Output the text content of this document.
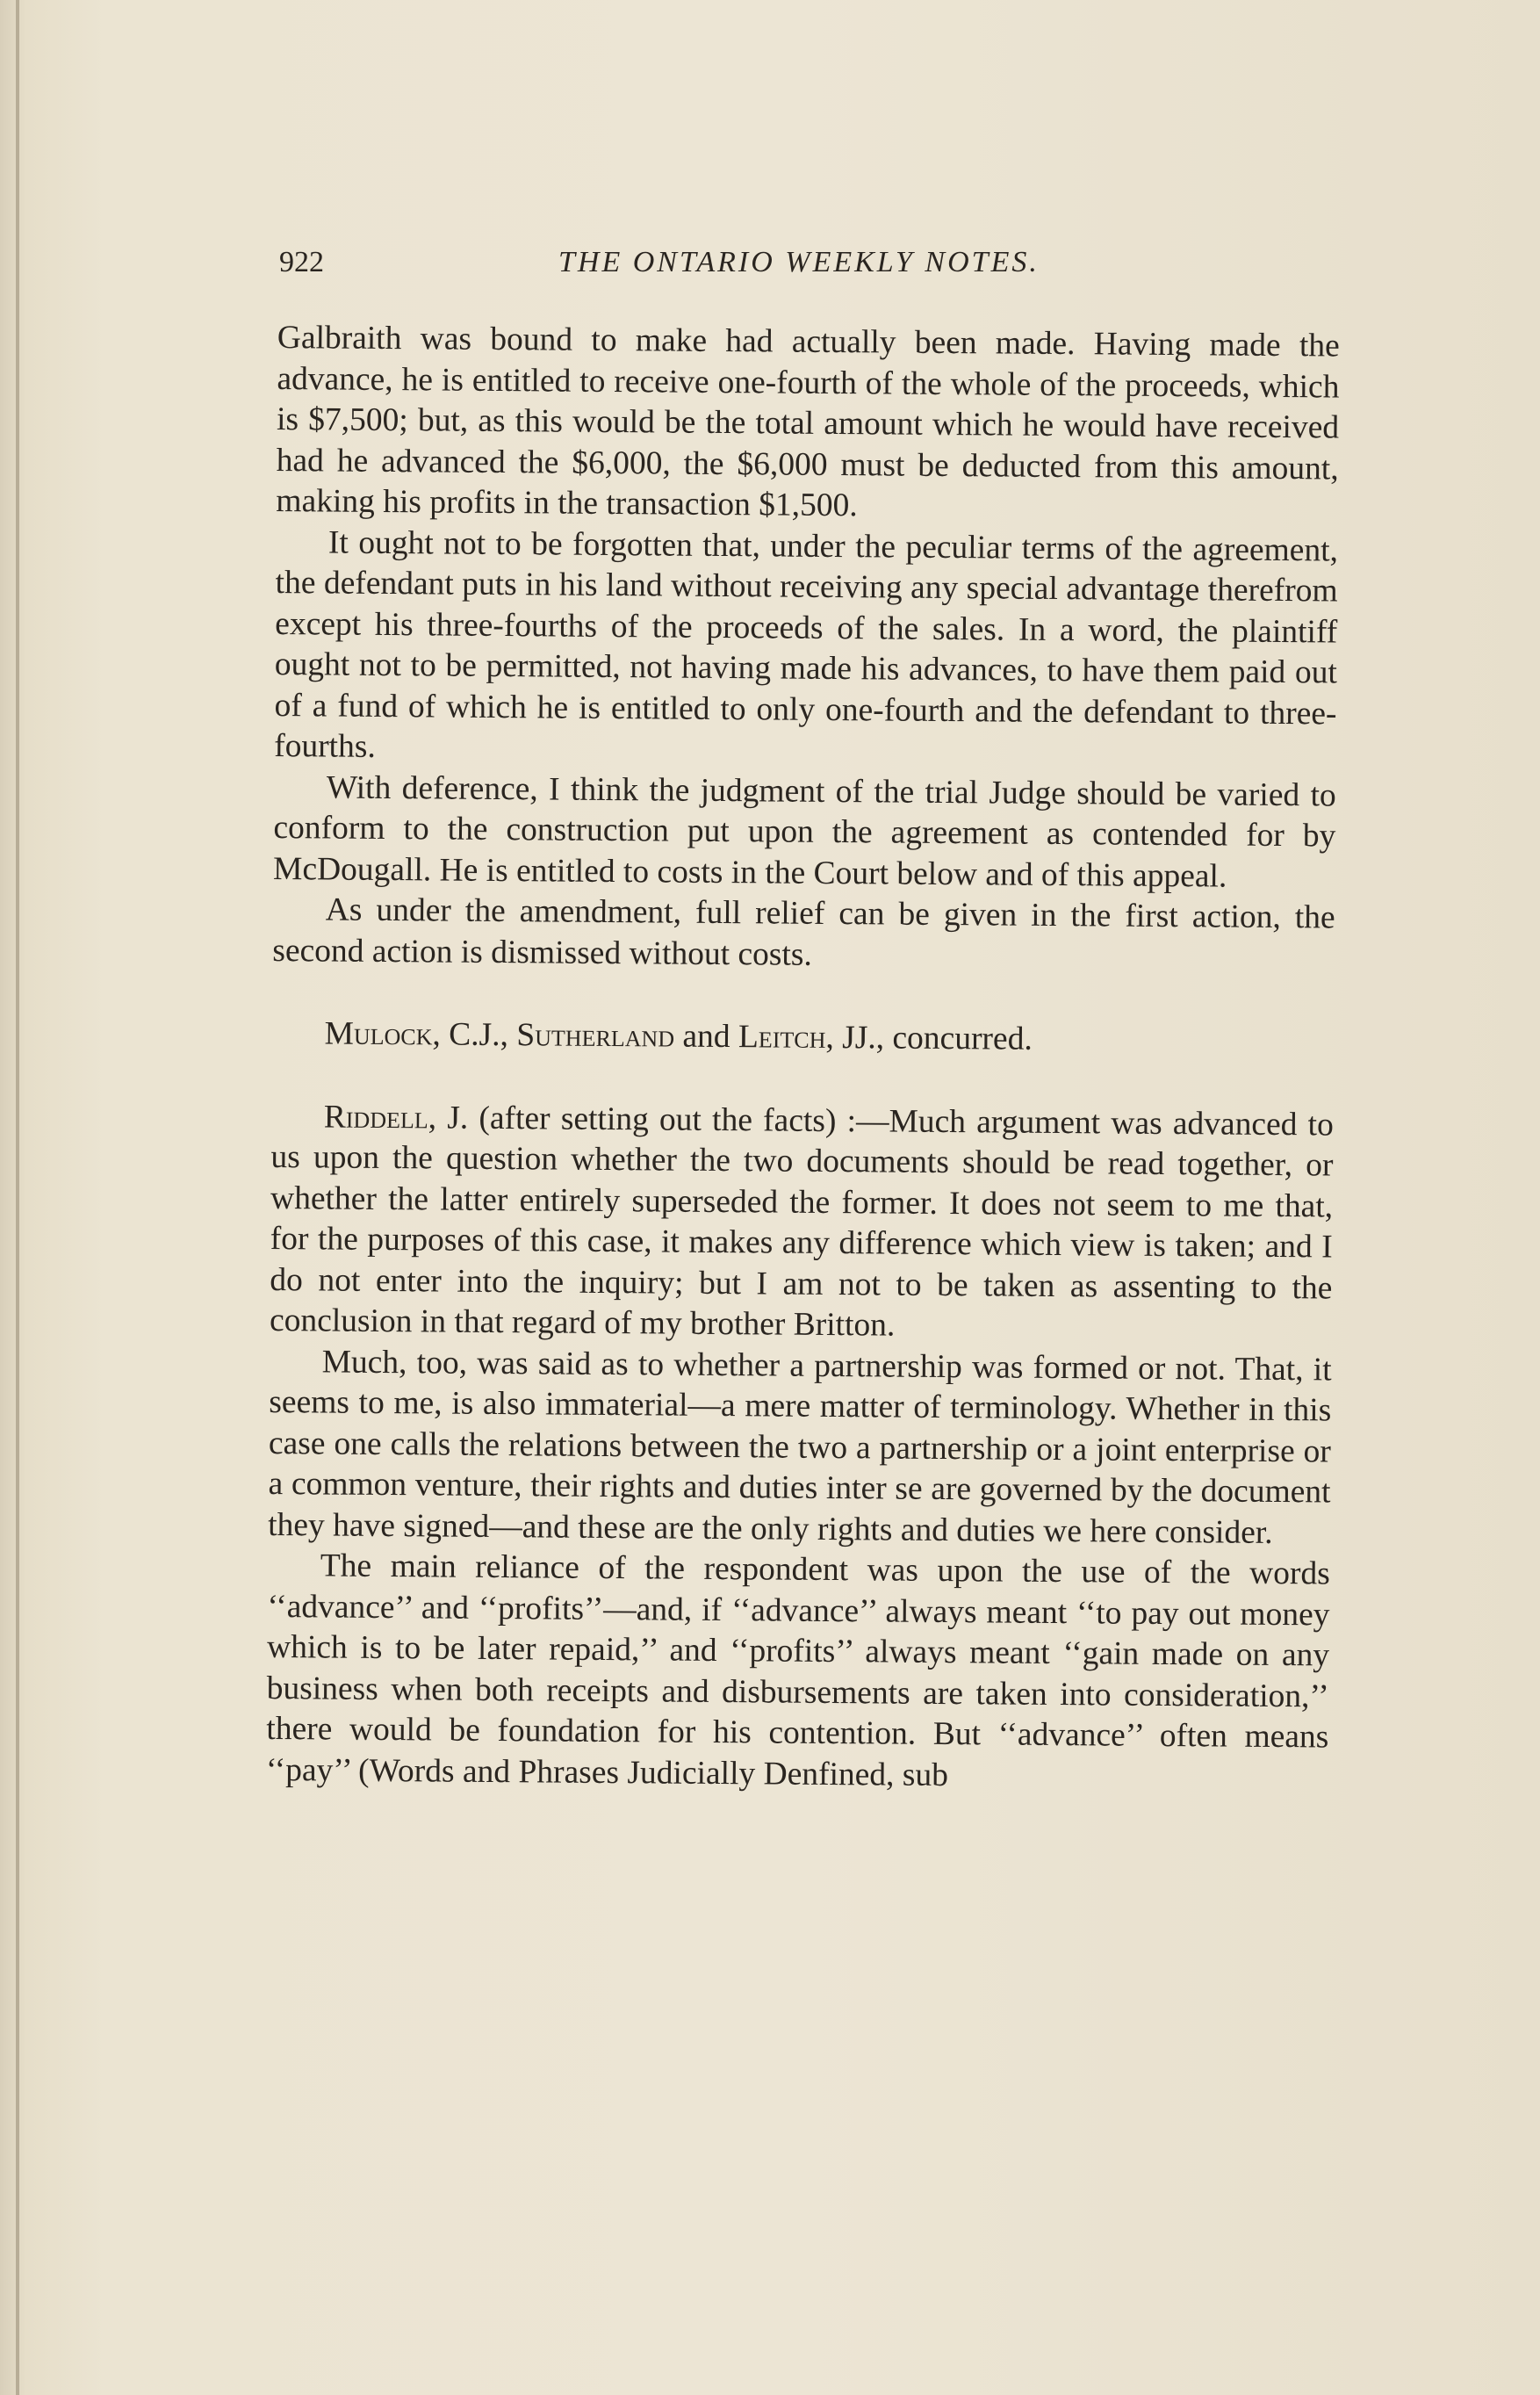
922	THE ONTARIO WEEKLY NOTES.

Galbraith was bound to make had actually been made. Having made the advance, he is entitled to receive one-fourth of the whole of the proceeds, which is $7,500; but, as this would be the total amount which he would have received had he advanced the $6,000, the $6,000 must be deducted from this amount, making his profits in the transaction $1,500.

It ought not to be forgotten that, under the peculiar terms of the agreement, the defendant puts in his land without receiving any special advantage therefrom except his three-fourths of the proceeds of the sales. In a word, the plaintiff ought not to be permitted, not having made his advances, to have them paid out of a fund of which he is entitled to only one-fourth and the defendant to three-fourths.

With deference, I think the judgment of the trial Judge should be varied to conform to the construction put upon the agreement as contended for by McDougall. He is entitled to costs in the Court below and of this appeal.

As under the amendment, full relief can be given in the first action, the second action is dismissed without costs.

Mulock, C.J., Sutherland and Leitch, JJ., concurred.

Riddell, J. (after setting out the facts) :—Much argument was advanced to us upon the question whether the two documents should be read together, or whether the latter entirely superseded the former. It does not seem to me that, for the purposes of this case, it makes any difference which view is taken; and I do not enter into the inquiry; but I am not to be taken as assenting to the conclusion in that regard of my brother Britton.

Much, too, was said as to whether a partnership was formed or not. That, it seems to me, is also immaterial—a mere matter of terminology. Whether in this case one calls the relations between the two a partnership or a joint enterprise or a common venture, their rights and duties inter se are governed by the document they have signed—and these are the only rights and duties we here consider.

The main reliance of the respondent was upon the use of the words ‘‘advance’’ and ‘‘profits’’—and, if ‘‘advance’’ always meant ‘‘to pay out money which is to be later repaid,’’ and ‘‘profits’’ always meant ‘‘gain made on any business when both receipts and disbursements are taken into consideration,’’ there would be foundation for his contention. But ‘‘advance’’ often means ‘‘pay’’ (Words and Phrases Judicially Denfined, sub
